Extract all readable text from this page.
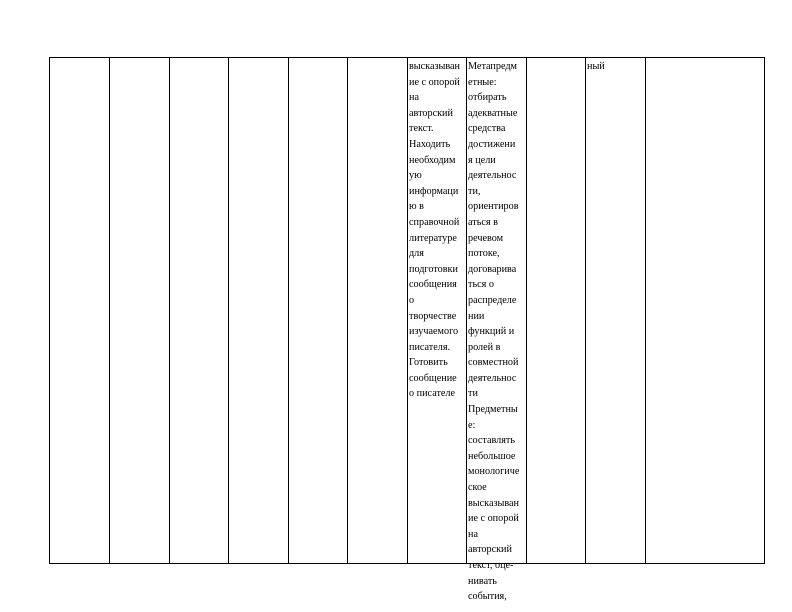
высказыван
ие с опорой
на
авторский
текст.
Находить
необходим
ую
информаци
ю в
справочной
литературе
для
подготовки
сообщения
о
творчестве
изучаемого
писателя.
Готовить
сообщение
о писателе
Метапредм
етные:
отбирать
адекватные
средства
достижени
я цели
деятельнос
ти,
ориентиров
аться в
речевом
потоке,
договарива
ться о
распределе
нии
функций и
ролей в
совместной
деятельнос
ти
Предметны
е:
составлять
небольшое
монологиче
ское
высказыван
ие с опорой
на
авторский
текст, оце-
нивать
события,
ный
